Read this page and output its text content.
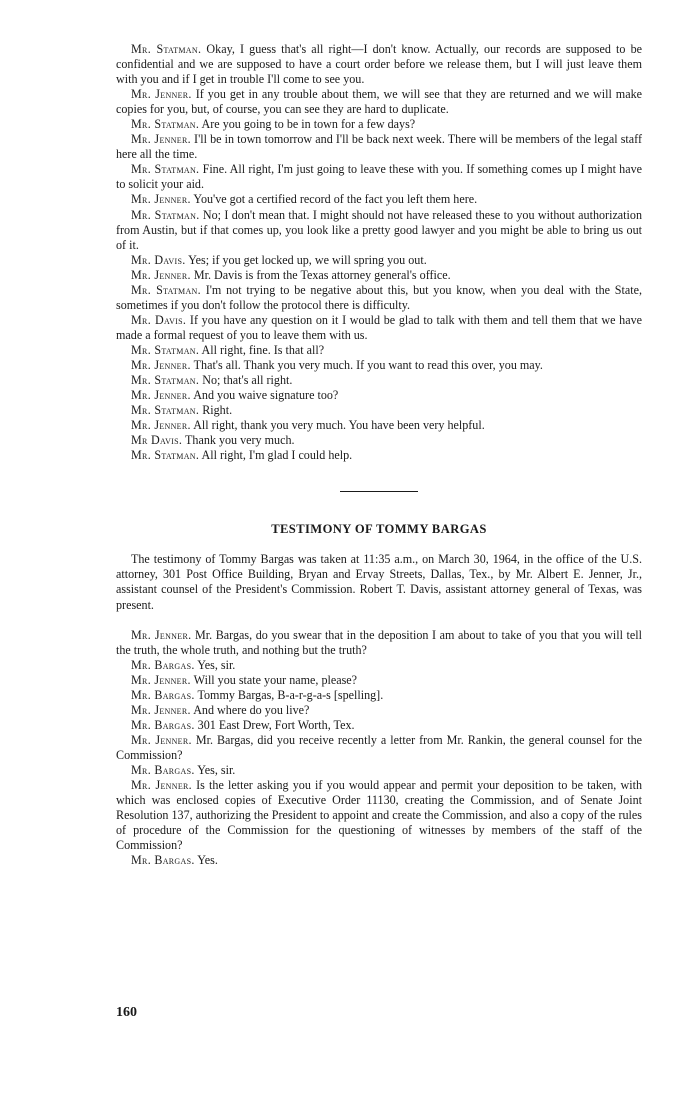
Mr. Statman. Okay, I guess that's all right—I don't know. Actually, our records are supposed to be confidential and we are supposed to have a court order before we release them, but I will just leave them with you and if I get in trouble I'll come to see you.

Mr. Jenner. If you get in any trouble about them, we will see that they are returned and we will make copies for you, but, of course, you can see they are hard to duplicate.

Mr. Statman. Are you going to be in town for a few days?

Mr. Jenner. I'll be in town tomorrow and I'll be back next week. There will be members of the legal staff here all the time.

Mr. Statman. Fine. All right, I'm just going to leave these with you. If something comes up I might have to solicit your aid.

Mr. Jenner. You've got a certified record of the fact you left them here.

Mr. Statman. No; I don't mean that. I might should not have released these to you without authorization from Austin, but if that comes up, you look like a pretty good lawyer and you might be able to bring us out of it.

Mr. Davis. Yes; if you get locked up, we will spring you out.

Mr. Jenner. Mr. Davis is from the Texas attorney general's office.

Mr. Statman. I'm not trying to be negative about this, but you know, when you deal with the State, sometimes if you don't follow the protocol there is difficulty.

Mr. Davis. If you have any question on it I would be glad to talk with them and tell them that we have made a formal request of you to leave them with us.

Mr. Statman. All right, fine. Is that all?

Mr. Jenner. That's all. Thank you very much. If you want to read this over, you may.

Mr. Statman. No; that's all right.

Mr. Jenner. And you waive signature too?

Mr. Statman. Right.

Mr. Jenner. All right, thank you very much. You have been very helpful.

Mr Davis. Thank you very much.

Mr. Statman. All right, I'm glad I could help.

TESTIMONY OF TOMMY BARGAS

The testimony of Tommy Bargas was taken at 11:35 a.m., on March 30, 1964, in the office of the U.S. attorney, 301 Post Office Building, Bryan and Ervay Streets, Dallas, Tex., by Mr. Albert E. Jenner, Jr., assistant counsel of the President's Commission. Robert T. Davis, assistant attorney general of Texas, was present.

Mr. Jenner. Mr. Bargas, do you swear that in the deposition I am about to take of you that you will tell the truth, the whole truth, and nothing but the truth?

Mr. Bargas. Yes, sir.

Mr. Jenner. Will you state your name, please?

Mr. Bargas. Tommy Bargas, B-a-r-g-a-s [spelling].

Mr. Jenner. And where do you live?

Mr. Bargas. 301 East Drew, Fort Worth, Tex.

Mr. Jenner. Mr. Bargas, did you receive recently a letter from Mr. Rankin, the general counsel for the Commission?

Mr. Bargas. Yes, sir.

Mr. Jenner. Is the letter asking you if you would appear and permit your deposition to be taken, with which was enclosed copies of Executive Order 11130, creating the Commission, and of Senate Joint Resolution 137, authorizing the President to appoint and create the Commission, and also a copy of the rules of procedure of the Commission for the questioning of witnesses by members of the staff of the Commission?

Mr. Bargas. Yes.

160
